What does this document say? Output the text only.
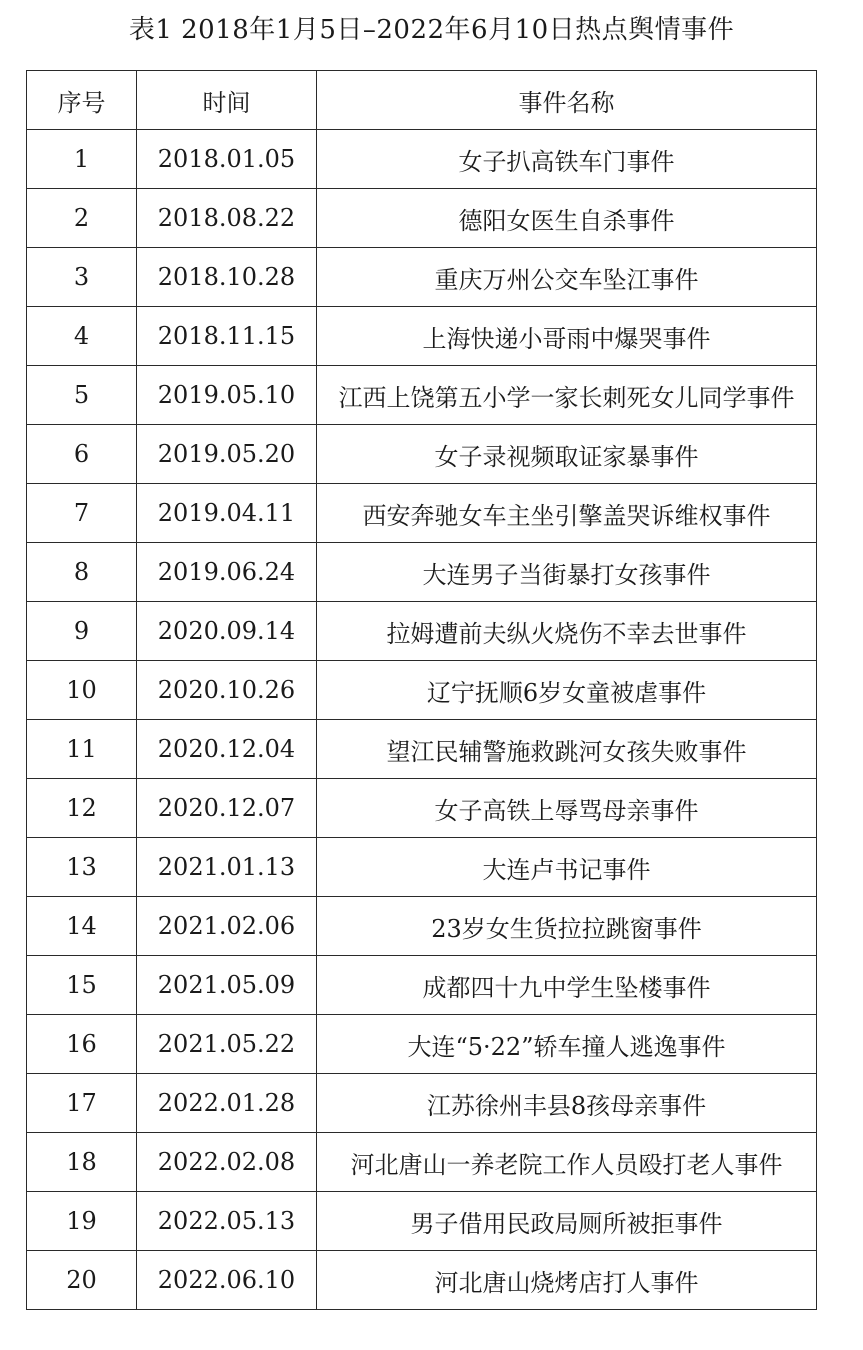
表1 2018年1月5日–2022年6月10日热点舆情事件
序号	时间	事件名称
1	2018.01.05	女子扒高铁车门事件
2	2018.08.22	德阳女医生自杀事件
3	2018.10.28	重庆万州公交车坠江事件
4	2018.11.15	上海快递小哥雨中爆哭事件
5	2019.05.10	江西上饶第五小学一家长刺死女儿同学事件
6	2019.05.20	女子录视频取证家暴事件
7	2019.04.11	西安奔驰女车主坐引擎盖哭诉维权事件
8	2019.06.24	大连男子当街暴打女孩事件
9	2020.09.14	拉姆遭前夫纵火烧伤不幸去世事件
10	2020.10.26	辽宁抚顺6岁女童被虐事件
11	2020.12.04	望江民辅警施救跳河女孩失败事件
12	2020.12.07	女子高铁上辱骂母亲事件
13	2021.01.13	大连卢书记事件
14	2021.02.06	23岁女生货拉拉跳窗事件
15	2021.05.09	成都四十九中学生坠楼事件
16	2021.05.22	大连“5·22”轿车撞人逃逸事件
17	2022.01.28	江苏徐州丰县8孩母亲事件
18	2022.02.08	河北唐山一养老院工作人员殴打老人事件
19	2022.05.13	男子借用民政局厕所被拒事件
20	2022.06.10	河北唐山烧烤店打人事件
